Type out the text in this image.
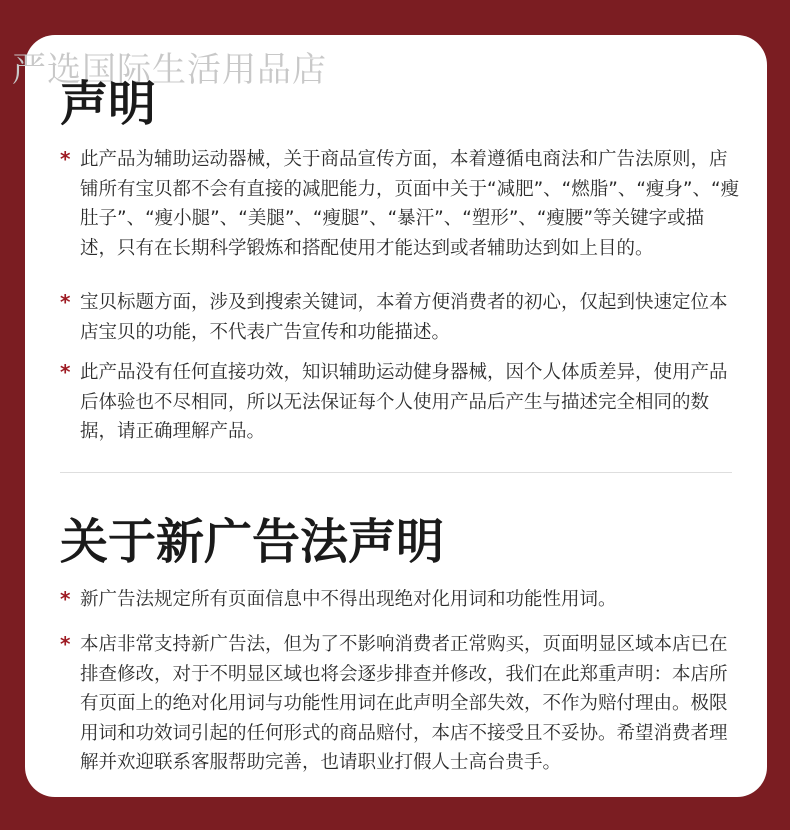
严选国际生活用品店
声明
* 此产品为辅助运动器械，关于商品宣传方面，本着遵循电商法和广告法原则，店铺所有宝贝都不会有直接的减肥能力，页面中关于“减肥”、“燃脂”、“瘦身”、“瘦肚子”、“瘦小腿”、“美腿”、“瘦腿”、“暴汗”、“塑形”、“瘦腰”等关键字或描述，只有在长期科学锻炼和搭配使用才能达到或者辅助达到如上目的。

* 宝贝标题方面，涉及到搜索关键词，本着方便消费者的初心，仅起到快速定位本店宝贝的功能，不代表广告宣传和功能描述。

* 此产品没有任何直接功效，知识辅助运动健身器械，因个人体质差异，使用产品后体验也不尽相同，所以无法保证每个人使用产品后产生与描述完全相同的数据，请正确理解产品。

关于新广告法声明
* 新广告法规定所有页面信息中不得出现绝对化用词和功能性用词。

* 本店非常支持新广告法，但为了不影响消费者正常购买，页面明显区域本店已在排查修改，对于不明显区域也将会逐步排查并修改，我们在此郑重声明：本店所有页面上的绝对化用词与功能性用词在此声明全部失效，不作为赔付理由。极限用词和功效词引起的任何形式的商品赔付，本店不接受且不妥协。希望消费者理解并欢迎联系客服帮助完善，也请职业打假人士高台贵手。
